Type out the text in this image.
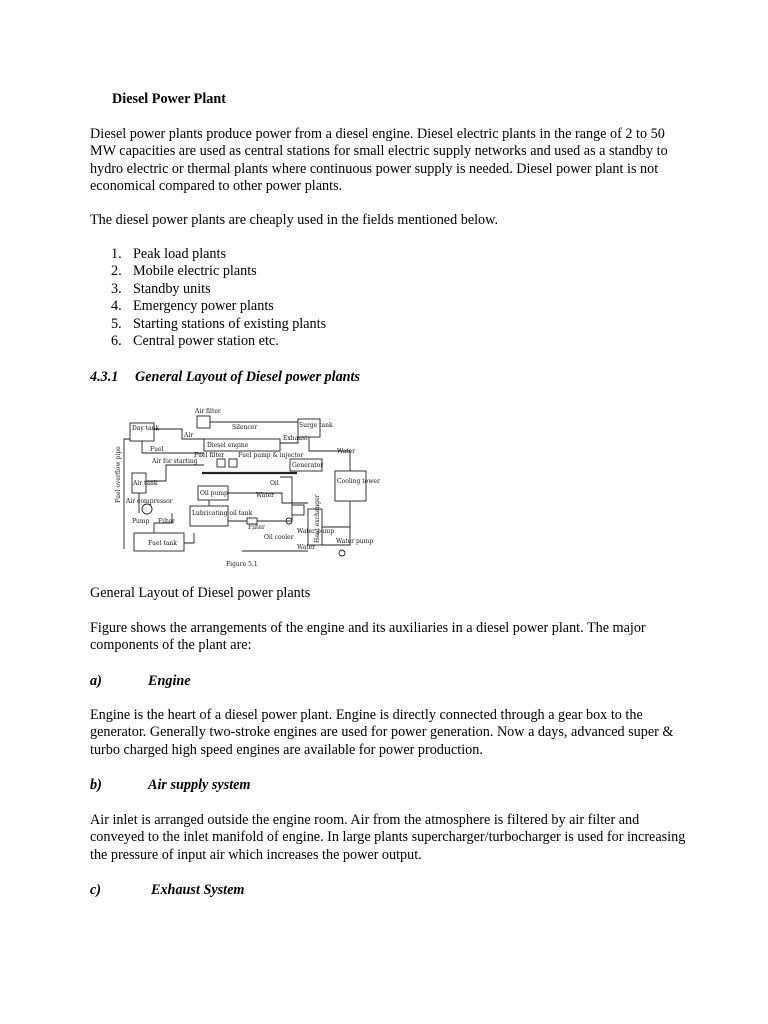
Diesel Power Plant

Diesel power plants produce power from a diesel engine. Diesel electric plants in the range of 2 to 50 MW capacities are used as central stations for small electric supply networks and used as a standby to hydro electric or thermal plants where continuous power supply is needed. Diesel power plant is not economical compared to other power plants.

The diesel power plants are cheaply used in the fields mentioned below.

1. Peak load plants
2. Mobile electric plants
3. Standby units
4. Emergency power plants
5. Starting stations of existing plants
6. Central power station etc.
4.3.1 General Layout of Diesel power plants
Day tank
Air filter
Silencer	Surge tank
Air
Diesel engine
Exhaust
Fuel
Fuel filter Fuel pump & injector
Water
Air for starting
Generator
Fuel overflow pipe Air tank	Oil	Cooling tower
Oil pump	Water
Air compressor
Lubricating oil tank
Pump Filter
Filter	Heat exchanger
Water pump
Oil cooler
Water
Water pump
Fuel tank
Figure 5.1
General Layout of Diesel power plants

Figure shows the arrangements of the engine and its auxiliaries in a diesel power plant. The major components of the plant are:

a)	Engine

Engine is the heart of a diesel power plant. Engine is directly connected through a gear box to the generator. Generally two-stroke engines are used for power generation. Now a days, advanced super & turbo charged high speed engines are available for power production.

b)	Air supply system

Air inlet is arranged outside the engine room. Air from the atmosphere is filtered by air filter and conveyed to the inlet manifold of engine. In large plants supercharger/turbocharger is used for increasing the pressure of input air which increases the power output.

c)	Exhaust System
